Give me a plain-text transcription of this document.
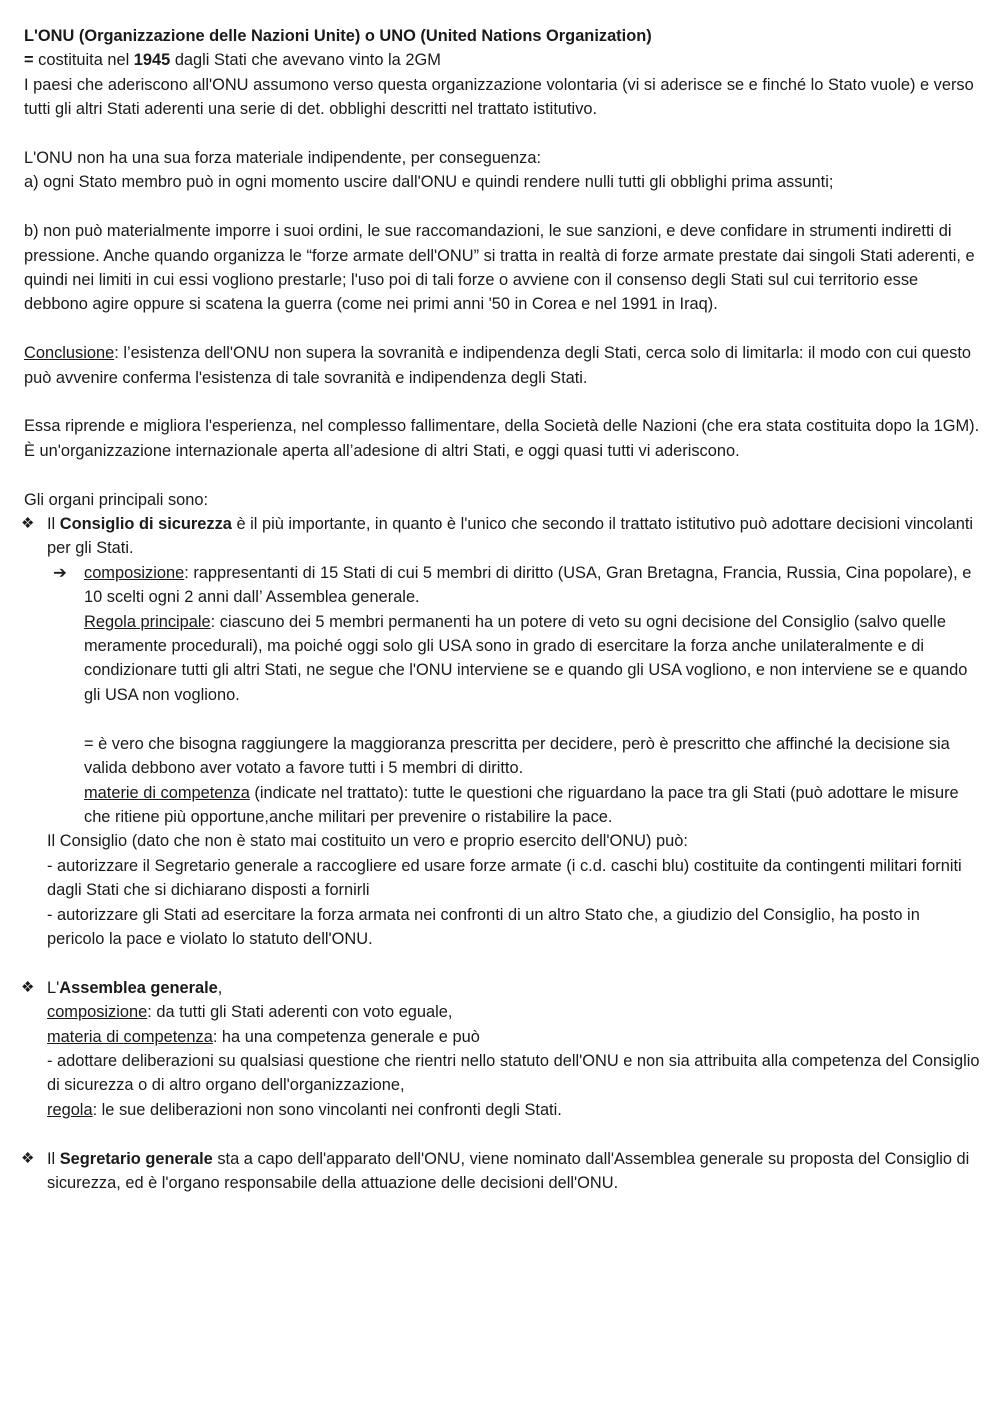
L'ONU (Organizzazione delle Nazioni Unite) o UNO (United Nations Organization)

= costituita nel 1945 dagli Stati che avevano vinto la 2GM

I paesi che aderiscono all'ONU assumono verso questa organizzazione volontaria (vi si aderisce se e finché lo Stato vuole) e verso tutti gli altri Stati aderenti una serie di det. obblighi descritti nel trattato istitutivo.

L'ONU non ha una sua forza materiale indipendente, per conseguenza:

a) ogni Stato membro può in ogni momento uscire dall'ONU e quindi rendere nulli tutti gli obblighi prima assunti;

b) non può materialmente imporre i suoi ordini, le sue raccomandazioni, le sue sanzioni, e deve confidare in strumenti indiretti di pressione. Anche quando organizza le “forze armate dell'ONU” si tratta in realtà di forze armate prestate dai singoli Stati aderenti, e quindi nei limiti in cui essi vogliono prestarle; l'uso poi di tali forze o avviene con il consenso degli Stati sul cui territorio esse debbono agire oppure si scatena la guerra (come nei primi anni '50 in Corea e nel 1991 in Iraq).

Conclusione: l’esistenza dell'ONU non supera la sovranità e indipendenza degli Stati, cerca solo di limitarla: il modo con cui questo può avvenire conferma l'esistenza di tale sovranità e indipendenza degli Stati.

Essa riprende e migliora l'esperienza, nel complesso fallimentare, della Società delle Nazioni (che era stata costituita dopo la 1GM).

È un'organizzazione internazionale aperta all’adesione di altri Stati, e oggi quasi tutti vi aderiscono.

Gli organi principali sono:

❖ Il Consiglio di sicurezza è il più importante, in quanto è l'unico che secondo il trattato istitutivo può adottare decisioni vincolanti per gli Stati.

➔ composizione: rappresentanti di 15 Stati di cui 5 membri di diritto (USA, Gran Bretagna, Francia, Russia, Cina popolare), e 10 scelti ogni 2 anni dall’ Assemblea generale.

Regola principale: ciascuno dei 5 membri permanenti ha un potere di veto su ogni decisione del Consiglio (salvo quelle meramente procedurali), ma poiché oggi solo gli USA sono in grado di esercitare la forza anche unilateralmente e di condizionare tutti gli altri Stati, ne segue che l'ONU interviene se e quando gli USA vogliono, e non interviene se e quando gli USA non vogliono.

= è vero che bisogna raggiungere la maggioranza prescritta per decidere, però è prescritto che affinché la decisione sia valida debbono aver votato a favore tutti i 5 membri di diritto.

materie di competenza (indicate nel trattato): tutte le questioni che riguardano la pace tra gli Stati (può adottare le misure che ritiene più opportune,anche militari per prevenire o ristabilire la pace.

Il Consiglio (dato che non è stato mai costituito un vero e proprio esercito dell'ONU) può:

- autorizzare il Segretario generale a raccogliere ed usare forze armate (i c.d. caschi blu) costituite da contingenti militari forniti dagli Stati che si dichiarano disposti a fornirli

- autorizzare gli Stati ad esercitare la forza armata nei confronti di un altro Stato che, a giudizio del Consiglio, ha posto in pericolo la pace e violato lo statuto dell'ONU.

❖ L'Assemblea generale,

composizione: da tutti gli Stati aderenti con voto eguale,

materia di competenza: ha una competenza generale e può

- adottare deliberazioni su qualsiasi questione che rientri nello statuto dell'ONU e non sia attribuita alla competenza del Consiglio di sicurezza o di altro organo dell'organizzazione,

regola: le sue deliberazioni non sono vincolanti nei confronti degli Stati.

❖ Il Segretario generale sta a capo dell'apparato dell'ONU, viene nominato dall'Assemblea generale su proposta del Consiglio di sicurezza, ed è l'organo responsabile della attuazione delle decisioni dell'ONU.
